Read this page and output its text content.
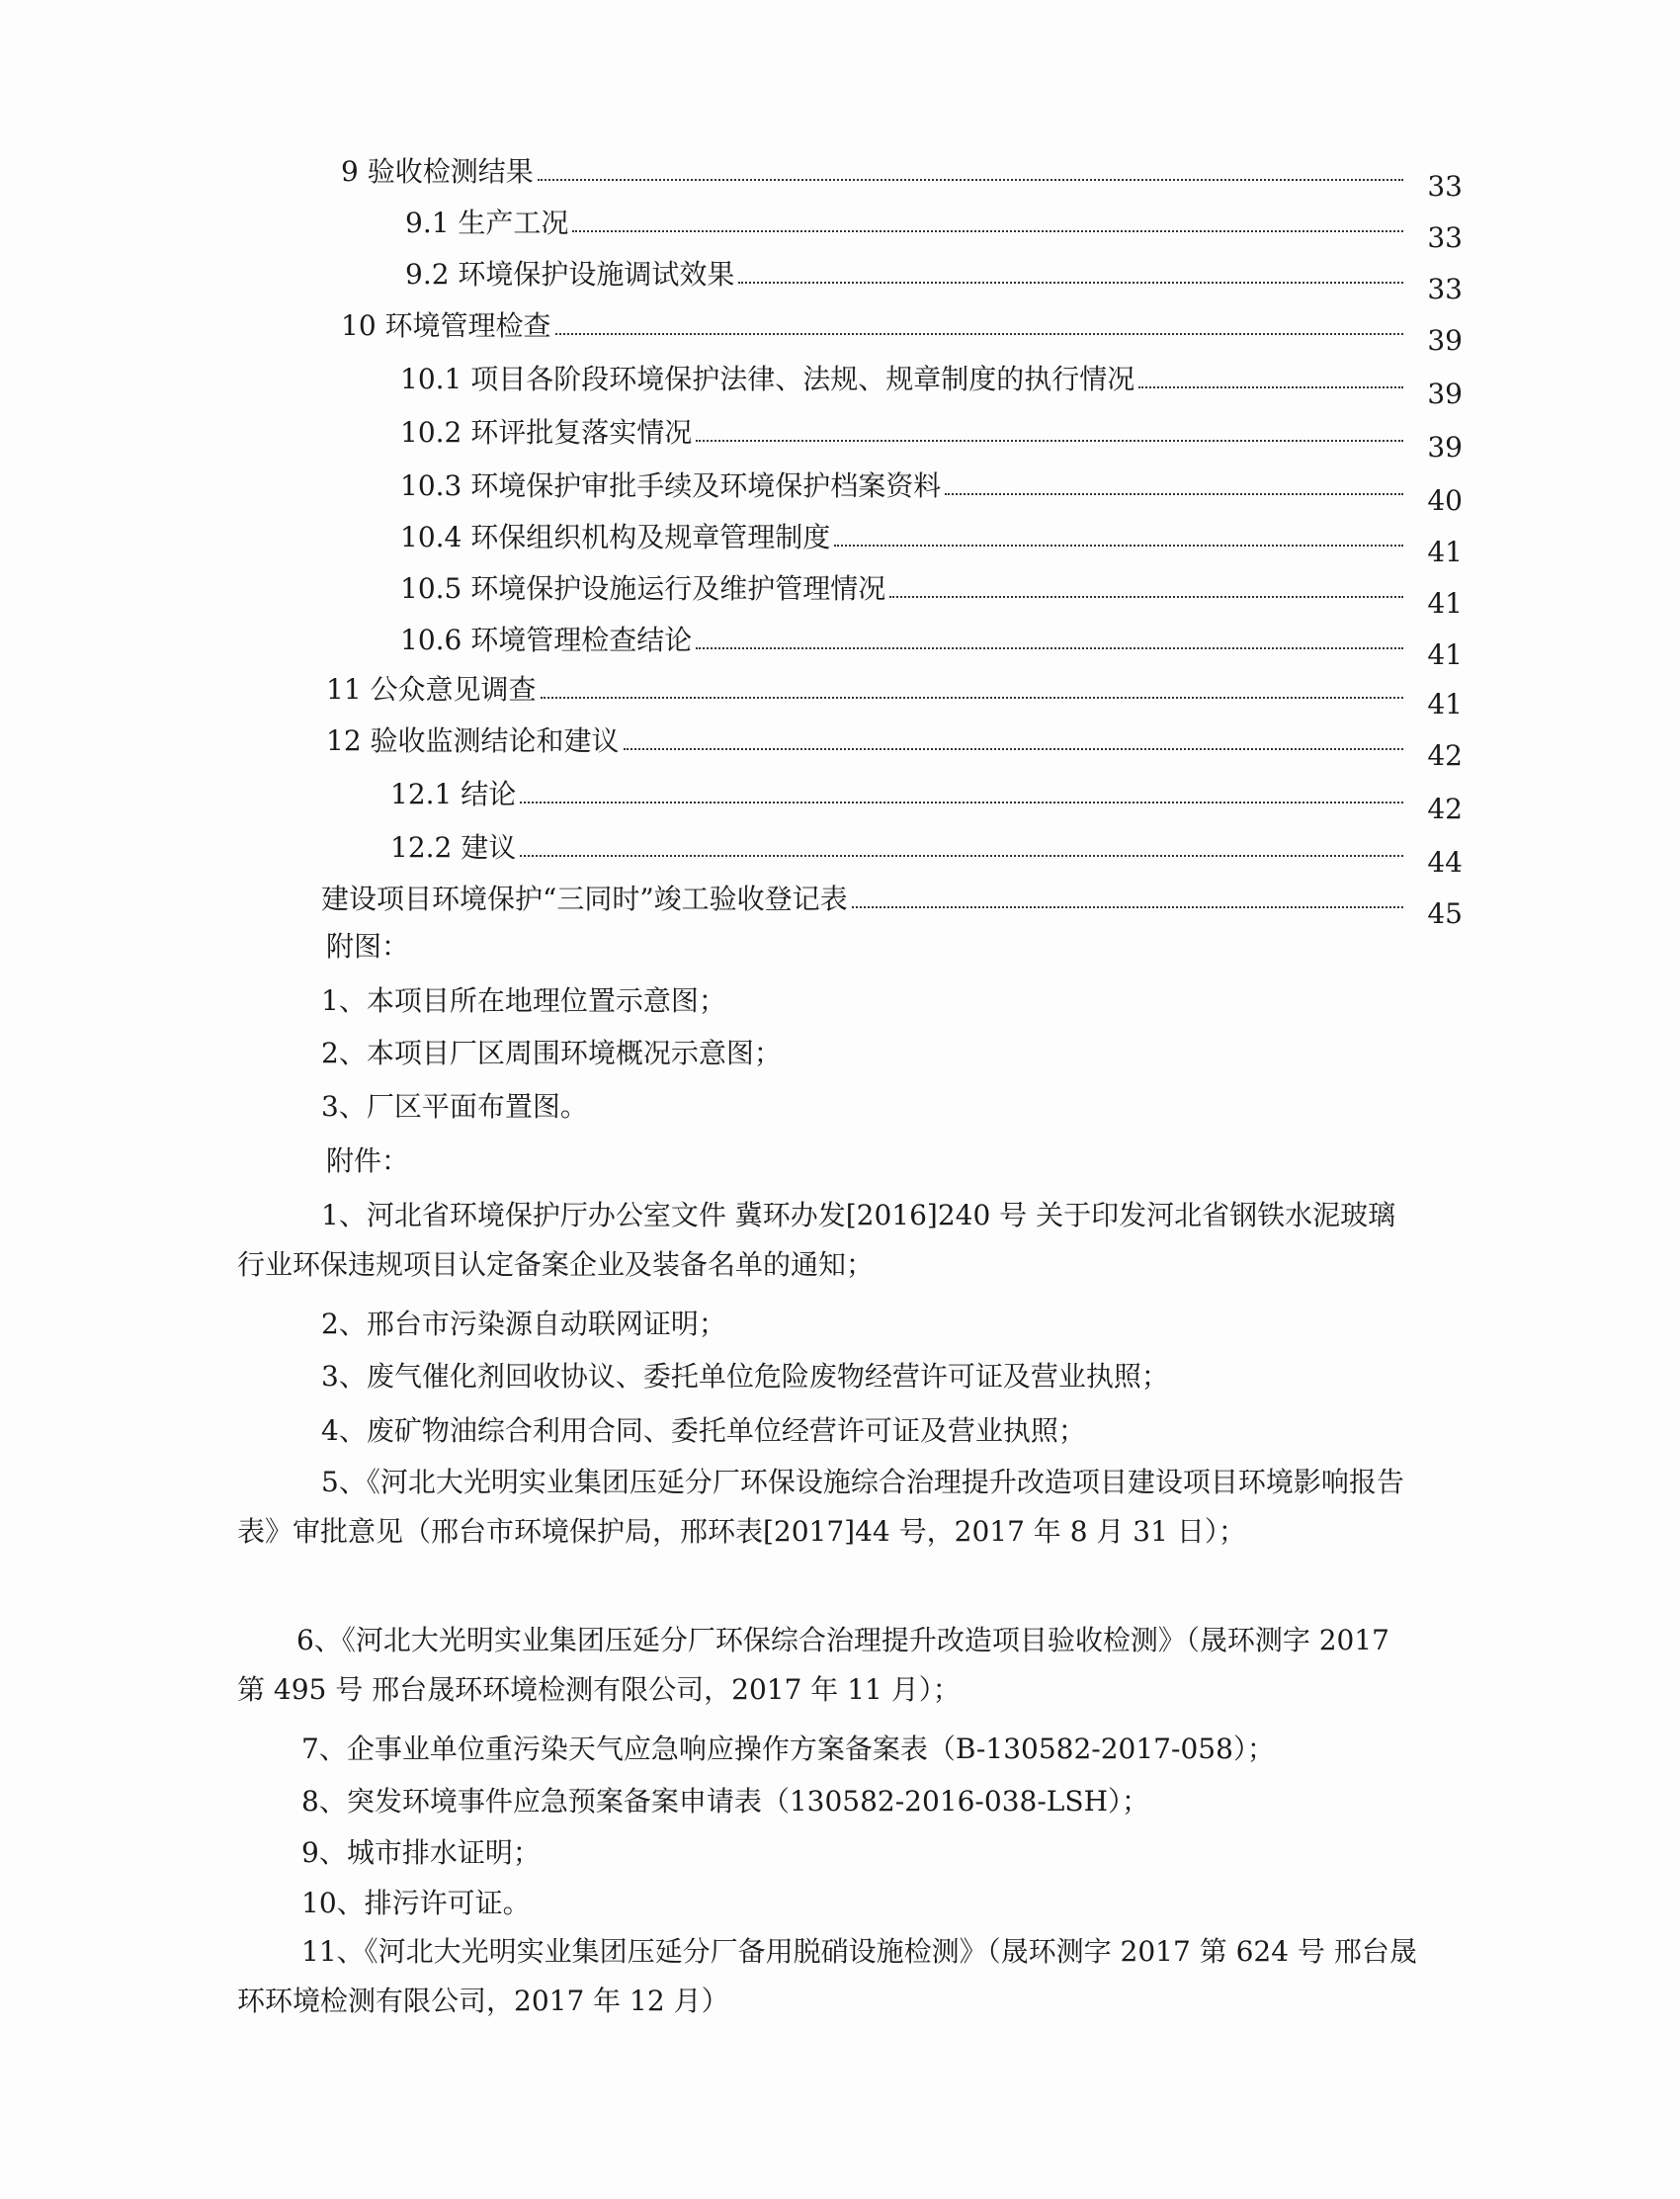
9 验收检测结果	33
9.1 生产工况	33
9.2 环境保护设施调试效果	33
10 环境管理检查	39
10.1 项目各阶段环境保护法律、法规、规章制度的执行情况	39
10.2 环评批复落实情况	39
10.3 环境保护审批手续及环境保护档案资料	40
10.4 环保组织机构及规章管理制度	41
10.5 环境保护设施运行及维护管理情况	41
10.6 环境管理检查结论	41
11 公众意见调查	41
12 验收监测结论和建议	42
12.1 结论	42
12.2 建议	44
建设项目环境保护“三同时”竣工验收登记表	45
附图：
1、本项目所在地理位置示意图；
2、本项目厂区周围环境概况示意图；
3、厂区平面布置图。
附件：
1、河北省环境保护厅办公室文件 冀环办发[2016]240 号 关于印发河北省钢铁水泥玻璃行业环保违规项目认定备案企业及装备名单的通知；
2、邢台市污染源自动联网证明；
3、废气催化剂回收协议、委托单位危险废物经营许可证及营业执照；
4、废矿物油综合利用合同、委托单位经营许可证及营业执照；
5、《河北大光明实业集团压延分厂环保设施综合治理提升改造项目建设项目环境影响报告表》审批意见（邢台市环境保护局，邢环表[2017]44 号，2017 年 8 月 31 日）；
6、《河北大光明实业集团压延分厂环保综合治理提升改造项目验收检测》（晟环测字 2017 第 495 号 邢台晟环环境检测有限公司，2017 年 11 月）；
7、企事业单位重污染天气应急响应操作方案备案表（B-130582-2017-058）；
8、突发环境事件应急预案备案申请表（130582-2016-038-LSH）；
9、城市排水证明；
10、排污许可证。
11、《河北大光明实业集团压延分厂备用脱硝设施检测》（晟环测字 2017 第 624 号 邢台晟环环境检测有限公司，2017 年 12 月）
